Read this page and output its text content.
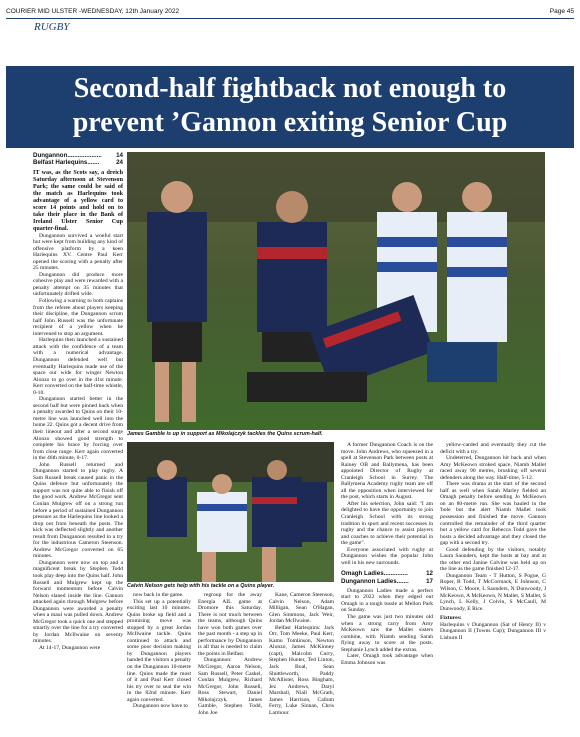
COURIER MID ULSTER -WEDNESDAY, 12th January 2022	Page 45
RUGBY
Second-half fightback not enough to
prevent ’Gannon exiting Senior Cup
Dungannon ....................	14
Belfast Harlequins .......	24

IT was, as the Scots say, a dreich Saturday afternoon at Stevenson Park; the same could be said of the match as Harlequins took advantage of a yellow card to score 14 points and hold on to take their place in the Bank of Ireland Ulster Senior Cup quarter-final.

Dungannon survived a woeful start but were kept from building any kind of offensive platform by a keen Harlequins XV. Centre Paul Kerr opened the scoring with a penalty after 25 minutes.

Dungannon did produce more cohesive play and were rewarded with a penalty attempt on 35 minutes that unfortunately drifted wide.

Following a warning to both captains from the referee about players keeping their discipline, the Dungannon scrum half John Russell was the unfortunate recipient of a yellow when he intervened to stop an argument.

Harlequins then launched a sustained attack with the confidence of a team with a numerical advantage. Dungannon defended well but eventually Harlequins made use of the space out wide for winger Newton Alonzo to go over in the 41st minute. Kerr converted on the half-time whistle, 0-10.

Dungannon started better in the second half but were pinned back when a penalty awarded to Quins on their 10-metre line was launched well into the home 22. Quins got a decent drive from their lineout and after a second surge Alonzo showed good strength to complete his brace by forcing over from close range. Kerr again converted in the 46th minute, 0-17.

John Russell returned and Dungannon started to play rugby. A Sam Russell break caused panic in the Quins defence but unfortunately the support was not quite able to finish off the good work. Andrew McGregor sent Conlan Mulgrew off on a strong run before a period of sustained Dungannon pressure as the Harlequins line looked a drop out from beneath the posts. The kick was deflected slightly and another result from Dungannon resulted in a try for the industrious Cameron Steenson. Andrew McGregor converted on 65 minutes.

Dungannon were now on top and a magnificent break by Stephen Todd took play deep into the Quins half. John Russell and Mulgrew kept up the forward momentum before Calvin Nelson slaned inside the line. Gannon attacked again through Mulgrew before Dungannon were awarded a penalty when a maul was pulled down. Andrew McGregor took a quick one and stepped smartly over the line for a try converted by Jordan McIlwaine on seventy minutes.

At 14-17, Dungannon were

James Gamble is up in support as Mikolajczyk tackles the Quins scrum-half.
Calvin Nelson gets help with his tackle on a Quins player.

now back in the game.

This set up a potentially exciting last 10 minutes. Quins broke up field and a promising move was stopped by a great Jordan McIlwaine tackle. Quins continued to attack and some poor decision making by Dungannon players handed the visitors a penalty on the Dungannon 10-metre line. Quins made the most of it and Paul Kerr closed his try over to seal the win in the 82nd minute. Kerr again converted.

Dungannon now have to

regroup for the away Energia AIL game at Dromore this Saturday. There is not much between the teams, although Quins have won both games over the past month - a step up in performance by Dungannon is all that is needed to claim the points in Belfast.

Dungannon: Andrew McGregor, Aaron Nelson, Sam Russell, Peter Caskel, Conlan Mulgrew, Richard McGregor, John Russell, Ross Stewart, Daniel Mikolajczyk, James Gamble, Stephen Todd, John Joe

Kane, Cameron Steenson, Calvin Nelson, Adam Milligan, Sean O'Hagan, Glen Simmons, Jack Weir, Jordan McIlwaine.

Belfast Harlequins: Jack Orr, Tom Meeke, Paul Kerr, Kamu Tomlinson, Newton Alonzo, James McKinney (capt), Malcolm Curry, Stephen Hunter, Ted Linton, Jack Boal, Sean Shuttleworth, Paddy McAllister, Ross Bingham, Jez Andrews, Daryl Marshall, Niall McGrath, James Harrison, Callum Ferry, Luke Sinnan, Chris Larmour.

A former Dungannon Coach is on the move. John Andrews, who squeezed in a spell at Stevenson Park between posts at Rainey OB and Ballymena, has been appointed Director of Rugby at Cranleigh School in Surrey. The Ballymena Academy rugby team are off all the opposition when interviewed for the post, which starts in August.

After his selection, John said: "I am delighted to have the opportunity to join Cranleigh School with its strong tradition in sport and recent successes in rugby and the chance to assist players and coaches to achieve their potential in the game".

Everyone associated with rugby at Dungannon wishes the popular John well in his new surrounds.

Omagh Ladies ..............	12
Dungannon Ladies .......	17

Dungannon Ladies made a perfect start to 2022 when they edged out Omagh in a tough tussle at Mellon Park on Sunday.

The game was just two minutes old when a strong carry from Amy McKeown saw the Mallet sisters combine, with Niamh sending Sarah flying away to score at the posts. Stephanie Lynch added the extras.

Later, Omagh took advantage when Emma Johnson was

yellow-carded and eventually they cut the deficit with a try.

Undeterred, Dungannon hit back and when Amy McKeown stroked space, Niamh Mallet raced away 90 metres, brushing off several defenders along the way. Half-time, 5-12.

There was drama at the start of the second half as well when Sarah Marley fielded an Omagh penalty before sending Jo McKeown on an 80-metre run. She was hauled in the 'bole but the alert Niamh Mallet took possession and finished the move. Gannon controlled the remainder of the third quarter but a yellow card for Rebecca Todd gave the hosts a decided advantage and they closed the gap with a second try.

Good defending by the visitors, notably Laura Saunders, kept the hosts at bay and at the other end Janine Colvine was held up on the line as the game finished 12-17.

Dungannon Team - T Hutton, S Pogue, G Roper, R Todd, T McCormack, E Johnson, C Wilson, C Moore, L Saunders, N Dunwoody, J McKeown, A McKeown, N Mallet, S Mallet, S Lynch, L Kelly, J Colvin, S McCaull, M Dunwoody, E Rice.

Fixtures:

Harlequins v Dungannon (Sat of Henry II) v Dungannon II (Towns Cup); Dungannon III v Lisburn II
